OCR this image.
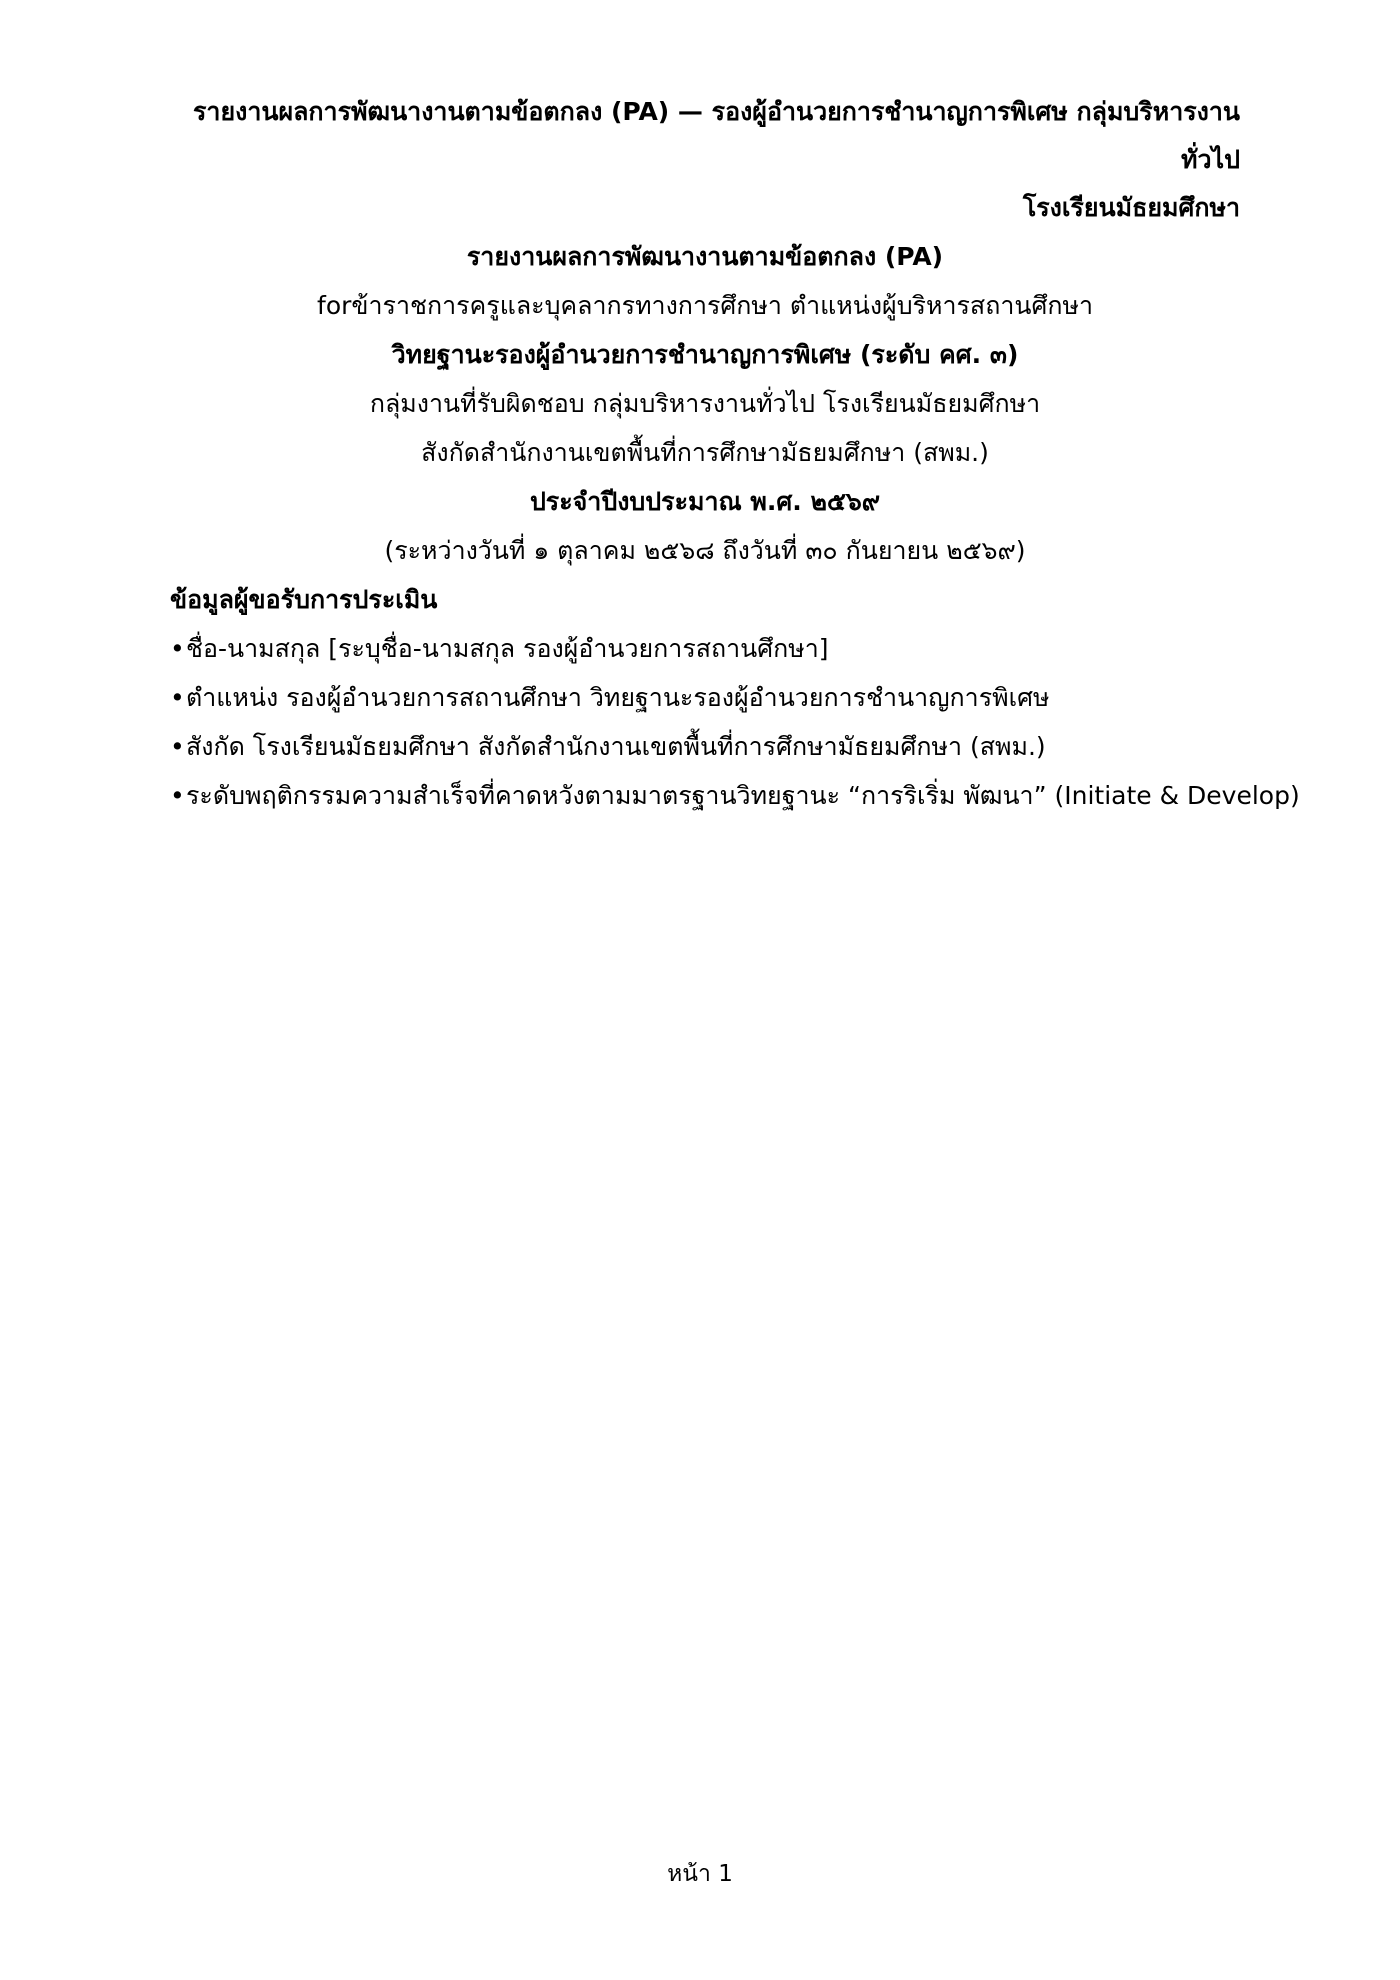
รายงานผลการพัฒนางานตามข้อตกลง (PA) — รองผู้อำนวยการชำนาญการพิเศษ กลุ่มบริหารงานทั่วไป
โรงเรียนมัธยมศึกษา

รายงานผลการพัฒนางานตามข้อตกลง (PA)

forข้าราชการครูและบุคลากรทางการศึกษา ตำแหน่งผู้บริหารสถานศึกษา

วิทยฐานะรองผู้อำนวยการชำนาญการพิเศษ (ระดับ คศ. ๓)

กลุ่มงานที่รับผิดชอบ กลุ่มบริหารงานทั่วไป โรงเรียนมัธยมศึกษา

สังกัดสำนักงานเขตพื้นที่การศึกษามัธยมศึกษา (สพม.)

ประจำปีงบประมาณ พ.ศ. ๒๕๖๙

(ระหว่างวันที่ ๑ ตุลาคม ๒๕๖๘ ถึงวันที่ ๓๐ กันยายน ๒๕๖๙)

ข้อมูลผู้ขอรับการประเมิน

•ชื่อ-นามสกุล [ระบุชื่อ-นามสกุล รองผู้อำนวยการสถานศึกษา]
•ตำแหน่ง รองผู้อำนวยการสถานศึกษา วิทยฐานะรองผู้อำนวยการชำนาญการพิเศษ
•สังกัด โรงเรียนมัธยมศึกษา สังกัดสำนักงานเขตพื้นที่การศึกษามัธยมศึกษา (สพม.)
•ระดับพฤติกรรมความสำเร็จที่คาดหวังตามมาตรฐานวิทยฐานะ “การริเริ่ม พัฒนา” (Initiate & Develop)
หน้า 1
